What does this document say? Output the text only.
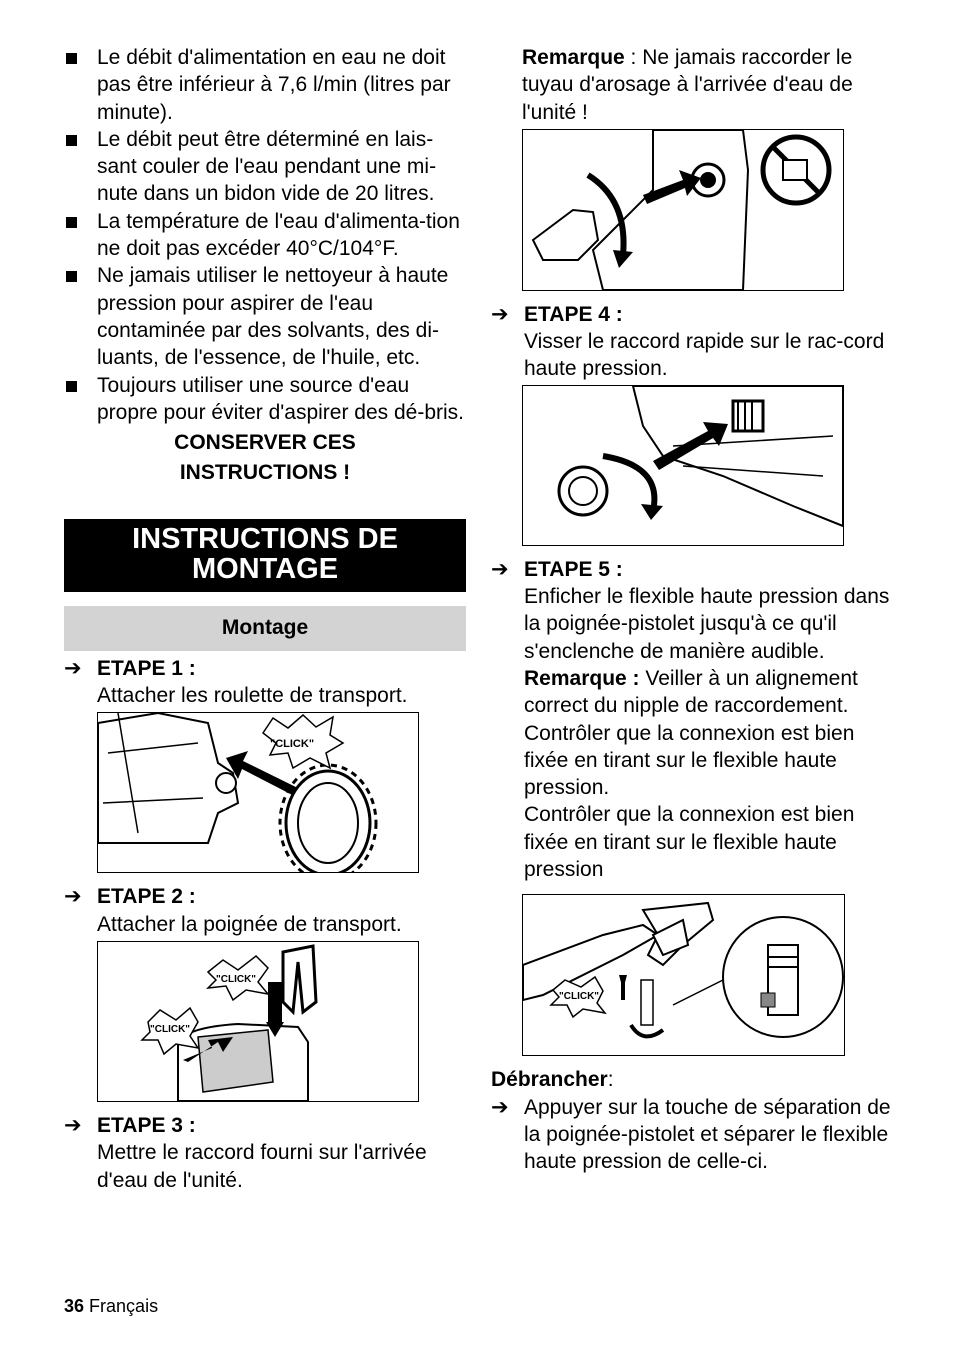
Le débit d'alimentation en eau ne doit pas être inférieur à 7,6 l/min (litres par minute).
Le débit peut être déterminé en lais-sant couler de l'eau pendant une mi-nute dans un bidon vide de 20 litres.
La température de l'eau d'alimenta-tion ne doit pas excéder 40°C/104°F.
Ne jamais utiliser le nettoyeur à haute pression pour aspirer de l'eau contaminée par des solvants, des di-luants, de l'essence, de l'huile, etc.
Toujours utiliser une source d'eau propre pour éviter d'aspirer des dé-bris.
CONSERVER CES
INSTRUCTIONS !
INSTRUCTIONS DE
MONTAGE
Montage
➔ ETAPE 1 :
Attacher les roulette de transport.
"CLICK"
➔ ETAPE 2 :
Attacher la poignée de transport.
"CLICK"
"CLICK"
➔ ETAPE 3 :
Mettre le raccord fourni sur l'arrivée d'eau de l'unité.
Remarque : Ne jamais raccorder le tuyau d'arosage à l'arrivée d'eau de l'unité !
➔ ETAPE 4 :
Visser le raccord rapide sur le rac-cord haute pression.
➔ ETAPE 5 :
Enficher le flexible haute pression dans la poignée-pistolet jusqu'à ce qu'il s'enclenche de manière audible.
Remarque : Veiller à un alignement correct du nipple de raccordement.
Contrôler que la connexion est bien fixée en tirant sur le flexible haute pression.
Contrôler que la connexion est bien fixée en tirant sur le flexible haute pression
"CLICK"
Débrancher:
➔ Appuyer sur la touche de séparation de la poignée-pistolet et séparer le flexible haute pression de celle-ci.
36 Français
